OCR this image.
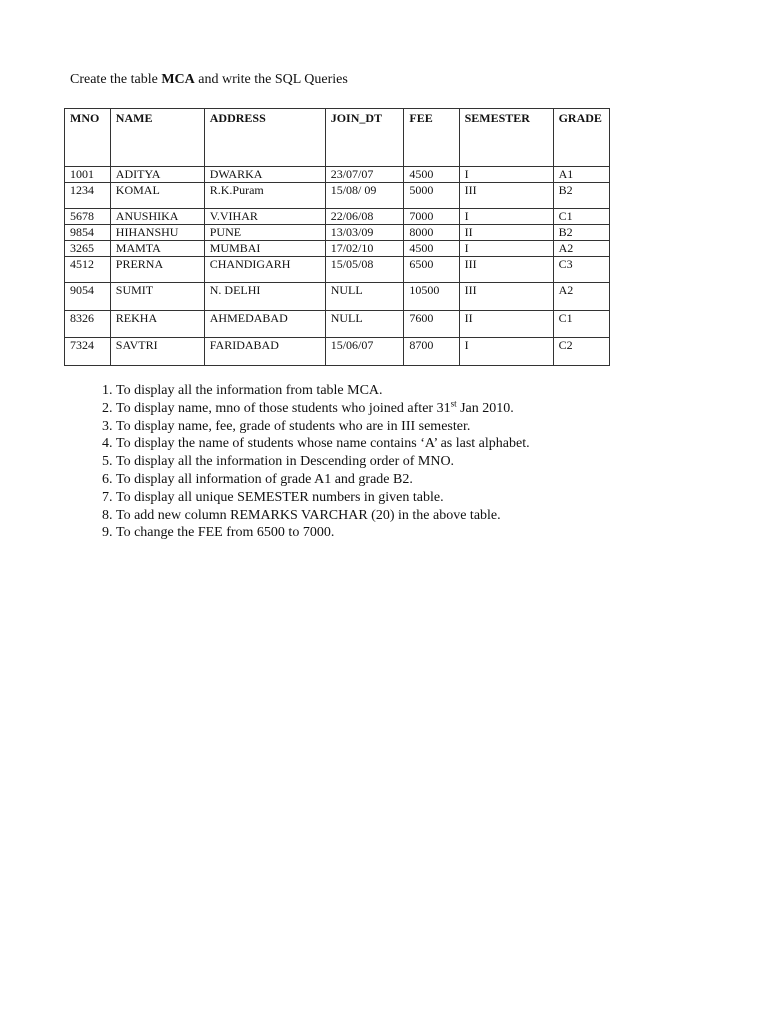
Create the table MCA and write the SQL Queries
MNO	NAME	ADDRESS	JOIN_DT	FEE	SEMESTER	GRADE
1001	ADITYA	DWARKA	23/07/07	4500	I	A1
1234	KOMAL	R.K.Puram	15/08/ 09	5000	III	B2
5678	ANUSHIKA	V.VIHAR	22/06/08	7000	I	C1
9854	HIHANSHU	PUNE	13/03/09	8000	II	B2
3265	MAMTA	MUMBAI	17/02/10	4500	I	A2
4512	PRERNA	CHANDIGARH	15/05/08	6500	III	C3
9054	SUMIT	N. DELHI	NULL	10500	III	A2
8326	REKHA	AHMEDABAD	NULL	7600	II	C1
7324	SAVTRI	FARIDABAD	15/06/07	8700	I	C2
1. To display all the information from table MCA.
2. To display name, mno of those students who joined after 31st Jan 2010.
3. To display name, fee, grade of students who are in III semester.
4. To display the name of students whose name contains ‘A’ as last alphabet.
5. To display all the information in Descending order of MNO.
6. To display all information of grade A1 and grade B2.
7. To display all unique SEMESTER numbers in given table.
8. To add new column REMARKS VARCHAR (20) in the above table.
9. To change the FEE from 6500 to 7000.
